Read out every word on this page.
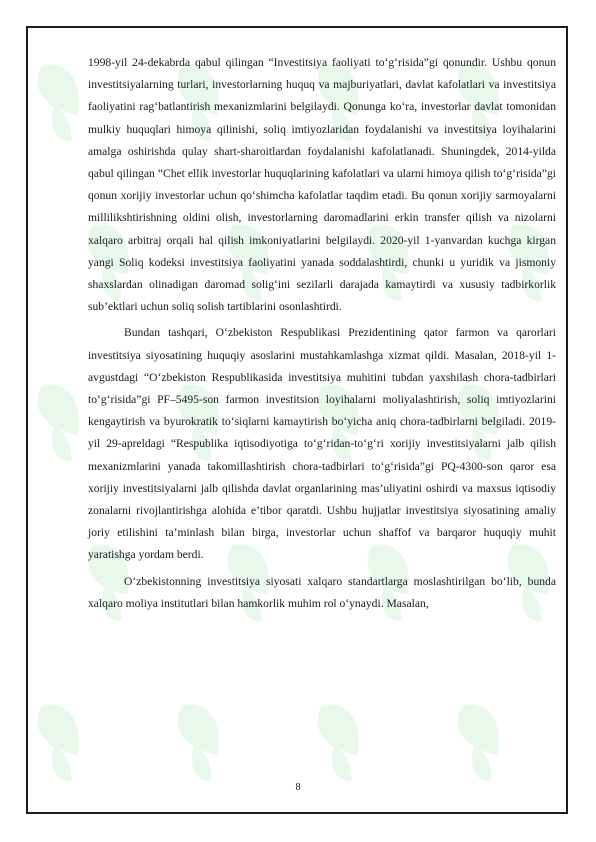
1998-yil 24-dekabrda qabul qilingan “Investitsiya faoliyati to‘g‘risida”gi qonundir. Ushbu qonun investitsiyalarning turlari, investorlarning huquq va majburiyatlari, davlat kafolatlari va investitsiya faoliyatini rag‘batlantirish mexanizmlarini belgilaydi. Qonunga ko‘ra, investorlar davlat tomonidan mulkiy huquqlari himoya qilinishi, soliq imtiyozlaridan foydalanishi va investitsiya loyihalarini amalga oshirishda qulay shart-sharoitlardan foydalanishi kafolatlanadi. Shuningdek, 2014-yilda qabul qilingan “Chet ellik investorlar huquqlarining kafolatlari va ularni himoya qilish to‘g‘risida”gi qonun xorijiy investorlar uchun qo‘shimcha kafolatlar taqdim etadi. Bu qonun xorijiy sarmoyalarni millilikshtirishning oldini olish, investorlarning daromadlarini erkin transfer qilish va nizolarni xalqaro arbitraj orqali hal qilish imkoniyatlarini belgilaydi. 2020-yil 1-yanvardan kuchga kirgan yangi Soliq kodeksi investitsiya faoliyatini yanada soddalashtirdi, chunki u yuridik va jismoniy shaxslardan olinadigan daromad solig‘ini sezilarli darajada kamaytirdi va xususiy tadbirkorlik sub’ektlari uchun soliq solish tartiblarini osonlashtirdi.

Bundan tashqari, O‘zbekiston Respublikasi Prezidentining qator farmon va qarorlari investitsiya siyosatining huquqiy asoslarini mustahkamlashga xizmat qildi. Masalan, 2018-yil 1-avgustdagi “O‘zbekiston Respublikasida investitsiya muhitini tubdan yaxshilash chora-tadbirlari to‘g‘risida”gi PF–5495-son farmon investitsion loyihalarni moliyalashtirish, soliq imtiyozlarini kengaytirish va byurokratik to‘siqlarni kamaytirish bo‘yicha aniq chora-tadbirlarni belgiladi. 2019-yil 29-apreldagi “Respublika iqtisodiyotiga to‘g‘ridan-to‘g‘ri xorijiy investitsiyalarni jalb qilish mexanizmlarini yanada takomillashtirish chora-tadbirlari to‘g‘risida”gi PQ-4300-son qaror esa xorijiy investitsiyalarni jalb qilishda davlat organlarining mas’uliyatini oshirdi va maxsus iqtisodiy zonalarni rivojlantirishga alohida e’tibor qaratdi. Ushbu hujjatlar investitsiya siyosatining amaliy joriy etilishini ta’minlash bilan birga, investorlar uchun shaffof va barqaror huquqiy muhit yaratishga yordam berdi.

O‘zbekistonning investitsiya siyosati xalqaro standartlarga moslashtirilgan bo‘lib, bunda xalqaro moliya institutlari bilan hamkorlik muhim rol o‘ynaydi. Masalan,

8
